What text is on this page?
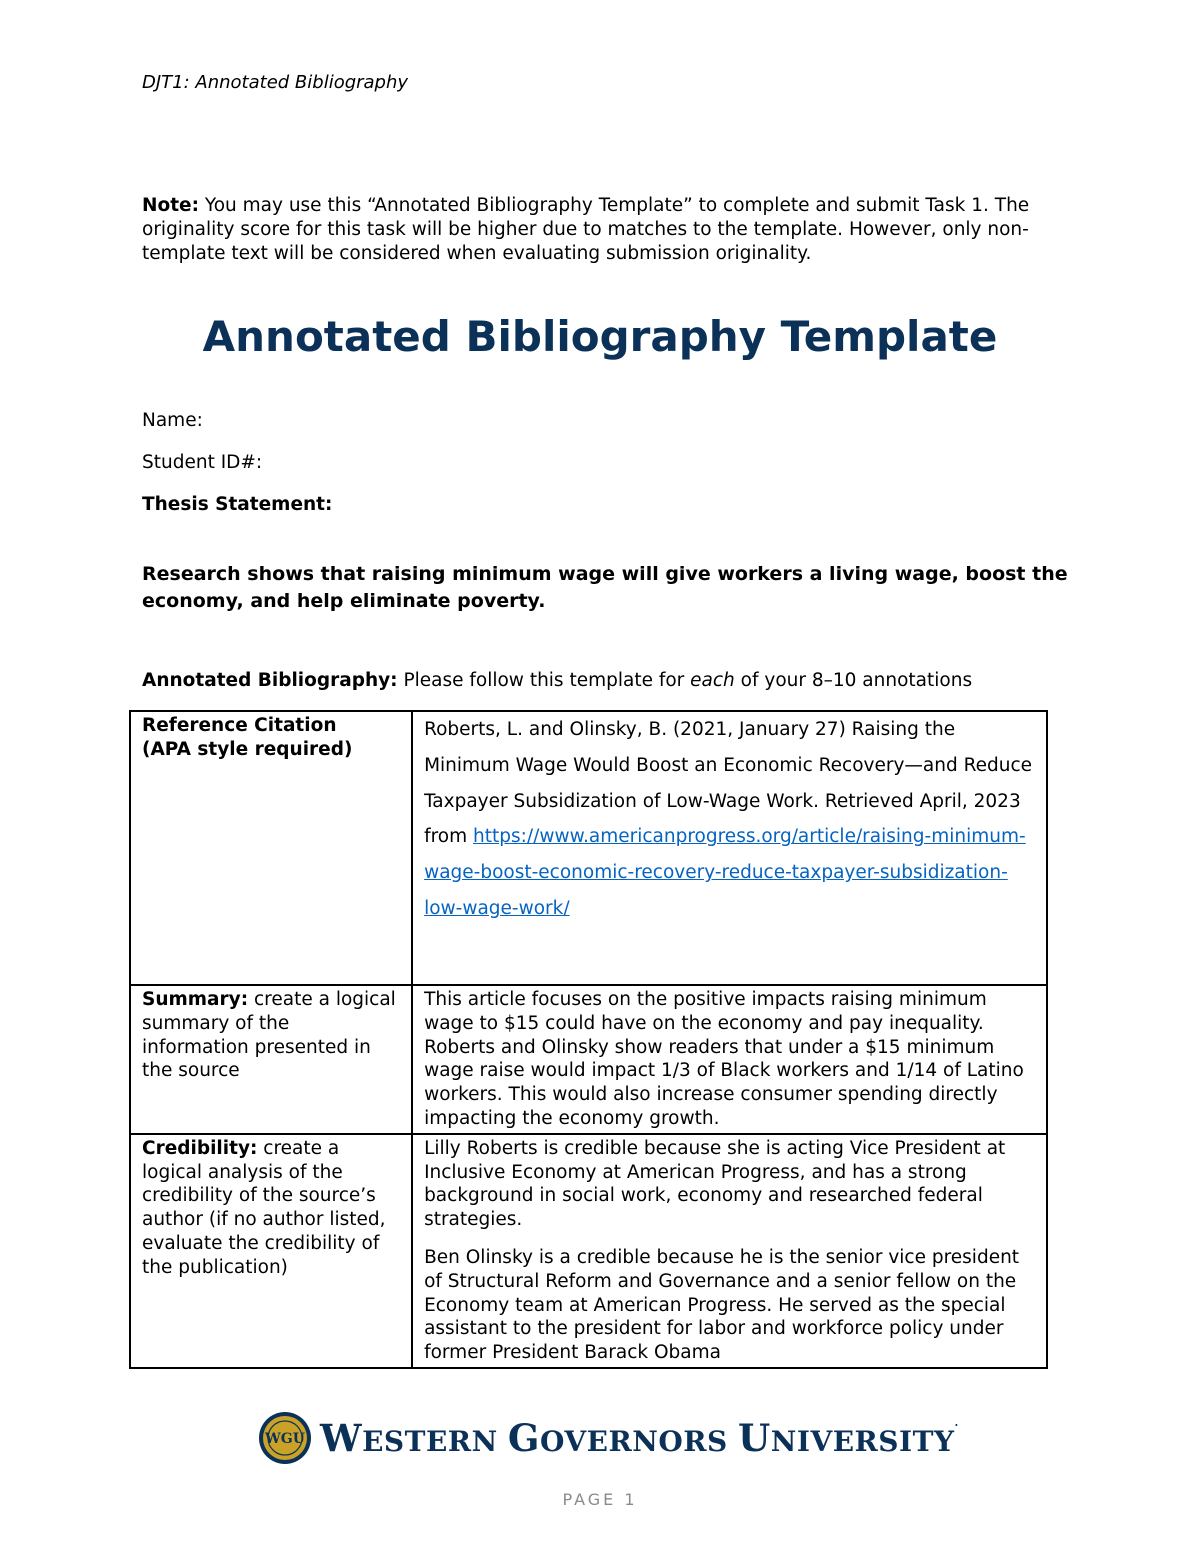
DJT1: Annotated Bibliography
Note: You may use this “Annotated Bibliography Template” to complete and submit Task 1. The originality score for this task will be higher due to matches to the template. However, only non-template text will be considered when evaluating submission originality.
Annotated Bibliography Template
Name:
Student ID#:
Thesis Statement:
Research shows that raising minimum wage will give workers a living wage, boost the economy, and help eliminate poverty.
Annotated Bibliography: Please follow this template for each of your 8–10 annotations
Reference Citation
(APA style required)	Roberts, L. and Olinsky, B. (2021, January 27) Raising the Minimum Wage Would Boost an Economic Recovery—and Reduce Taxpayer Subsidization of Low-Wage Work. Retrieved April, 2023 from https://www.americanprogress.org/article/raising-minimum-wage-boost-economic-recovery-reduce-taxpayer-subsidization-low-wage-work/
Summary: create a logical summary of the information presented in the source	This article focuses on the positive impacts raising minimum wage to $15 could have on the economy and pay inequality. Roberts and Olinsky show readers that under a $15 minimum wage raise would impact 1/3 of Black workers and 1/14 of Latino workers. This would also increase consumer spending directly impacting the economy growth.
Credibility: create a logical analysis of the credibility of the source’s author (if no author listed, evaluate the credibility of the publication)	Lilly Roberts is credible because she is acting Vice President at Inclusive Economy at American Progress, and has a strong background in social work, economy and researched federal strategies.

Ben Olinsky is a credible because he is the senior vice president of Structural Reform and Governance and a senior fellow on the Economy team at American Progress. He served as the special assistant to the president for labor and workforce policy under former President Barack Obama

WGU WESTERN GOVERNORS UNIVERSITY.
PAGE 1
